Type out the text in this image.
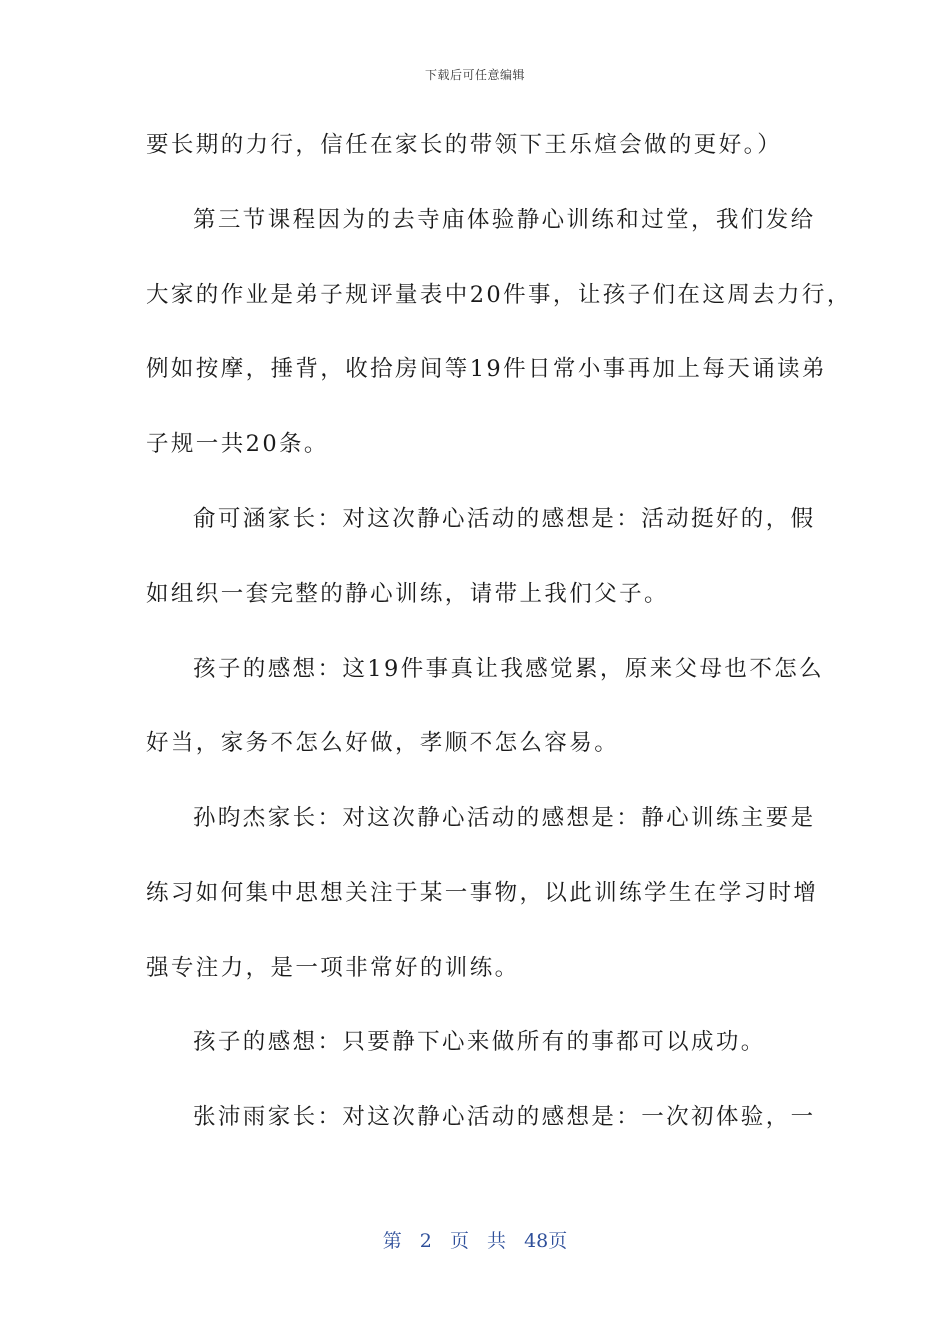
下载后可任意编辑
要长期的力行，信任在家长的带领下王乐煊会做的更好。）
第三节课程因为的去寺庙体验静心训练和过堂，我们发给
大家的作业是弟子规评量表中20件事，让孩子们在这周去力行，
例如按摩，捶背，收拾房间等19件日常小事再加上每天诵读弟
子规一共20条。
俞可涵家长：对这次静心活动的感想是：活动挺好的，假
如组织一套完整的静心训练，请带上我们父子。
孩子的感想：这19件事真让我感觉累，原来父母也不怎么
好当，家务不怎么好做，孝顺不怎么容易。
孙昀杰家长：对这次静心活动的感想是：静心训练主要是
练习如何集中思想关注于某一事物，以此训练学生在学习时增
强专注力，是一项非常好的训练。
孩子的感想：只要静下心来做所有的事都可以成功。
张沛雨家长：对这次静心活动的感想是：一次初体验，一
第 2 页 共 48页
